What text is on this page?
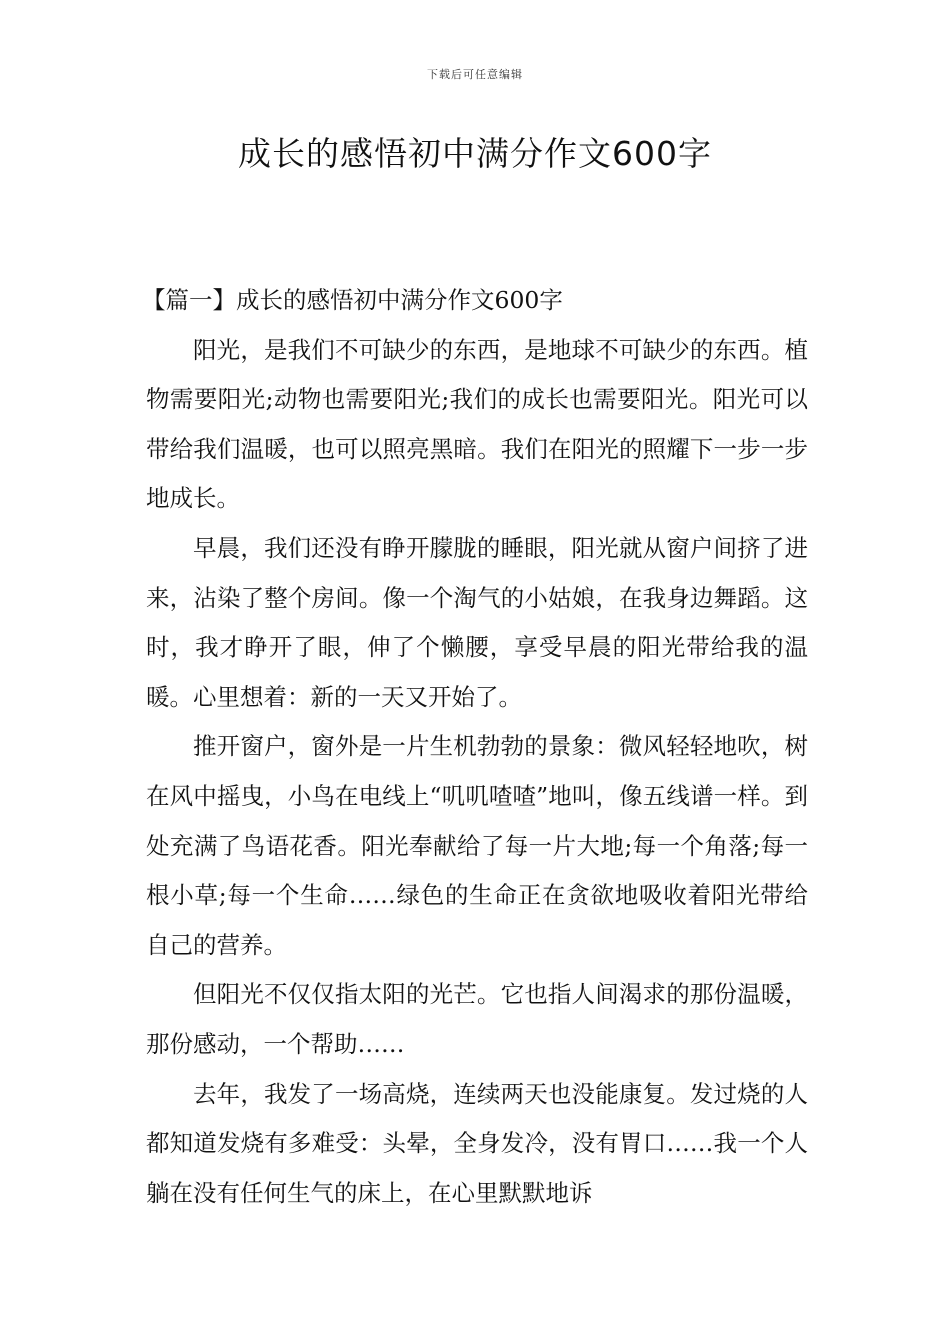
下载后可任意编辑
成长的感悟初中满分作文600字

【篇一】成长的感悟初中满分作文600字

阳光，是我们不可缺少的东西，是地球不可缺少的东西。植物需要阳光;动物也需要阳光;我们的成长也需要阳光。阳光可以带给我们温暖，也可以照亮黑暗。我们在阳光的照耀下一步一步地成长。

早晨，我们还没有睁开朦胧的睡眼，阳光就从窗户间挤了进来，沾染了整个房间。像一个淘气的小姑娘，在我身边舞蹈。这时，我才睁开了眼，伸了个懒腰，享受早晨的阳光带给我的温暖。心里想着：新的一天又开始了。

推开窗户，窗外是一片生机勃勃的景象：微风轻轻地吹，树在风中摇曳，小鸟在电线上“叽叽喳喳”地叫，像五线谱一样。到处充满了鸟语花香。阳光奉献给了每一片大地;每一个角落;每一根小草;每一个生命……绿色的生命正在贪欲地吸收着阳光带给自己的营养。

但阳光不仅仅指太阳的光芒。它也指人间渴求的那份温暖，那份感动，一个帮助……

去年，我发了一场高烧，连续两天也没能康复。发过烧的人都知道发烧有多难受：头晕，全身发冷，没有胃口……我一个人躺在没有任何生气的床上，在心里默默地诉
